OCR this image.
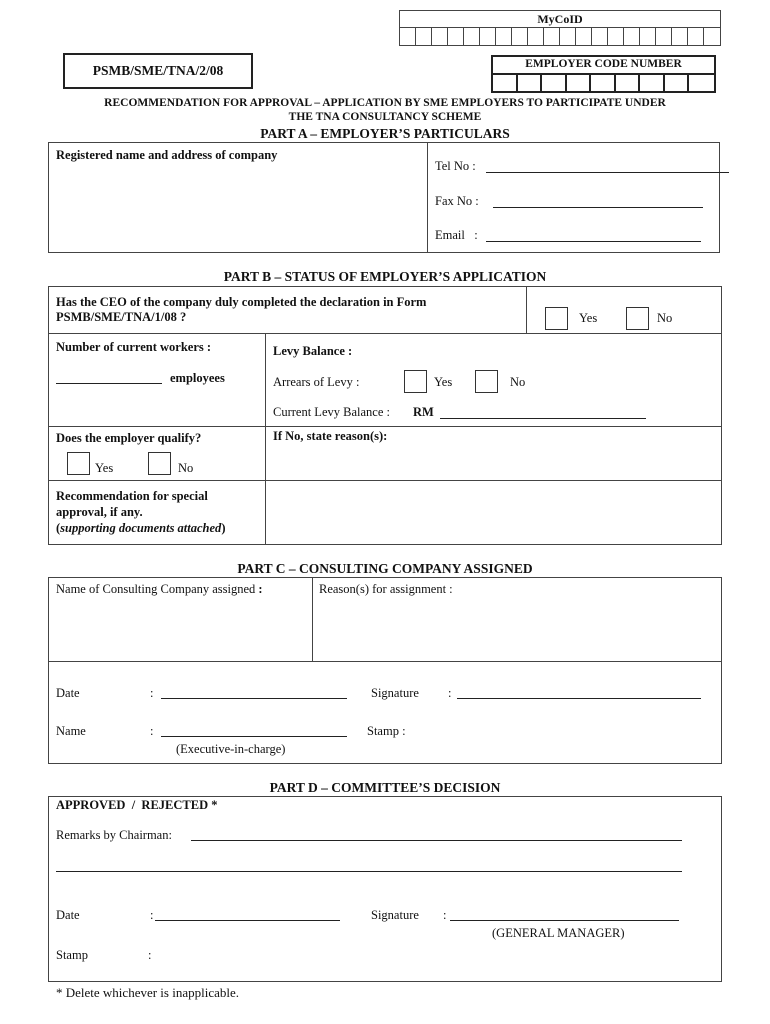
MyCoID
PSMB/SME/TNA/2/08	EMPLOYER CODE NUMBER
RECOMMENDATION FOR APPROVAL – APPLICATION BY SME EMPLOYERS TO PARTICIPATE UNDER
THE TNA CONSULTANCY SCHEME
PART A – EMPLOYER’S PARTICULARS
Registered name and address of company
Tel No :
Fax No :
Email   :
PART B – STATUS OF EMPLOYER’S APPLICATION
Has the CEO of the company duly completed the declaration in Form
PSMB/SME/TNA/1/08 ?	Yes	No
Number of current workers :
employees
Levy Balance :
Arrears of Levy :	Yes	No
Current Levy Balance : RM
Does the employer qualify?
Yes	No
If No, state reason(s):
Recommendation for special
approval, if any.
(supporting documents attached)
PART C – CONSULTING COMPANY ASSIGNED
Name of Consulting Company assigned :	Reason(s) for assignment :
Date	:	Signature :
Name	:	Stamp :
(Executive-in-charge)
PART D – COMMITTEE’S DECISION
APPROVED  /  REJECTED *
Remarks by Chairman:
Date	:	Signature :
(GENERAL MANAGER)
Stamp	:
* Delete whichever is inapplicable.
